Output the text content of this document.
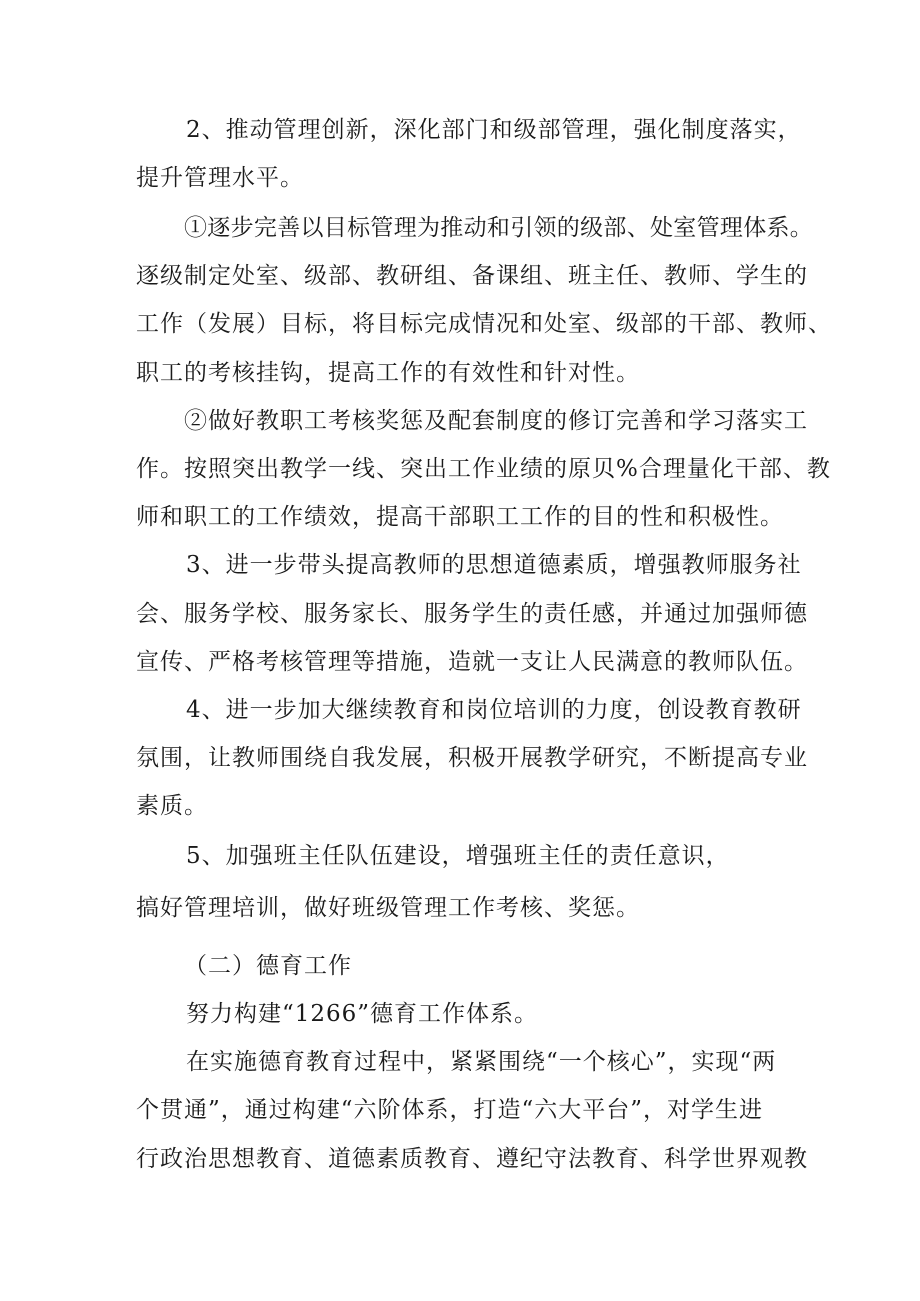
2、推动管理创新，深化部门和级部管理，强化制度落实，

提升管理水平。

①逐步完善以目标管理为推动和引领的级部、处室管理体系。

逐级制定处室、级部、教研组、备课组、班主任、教师、学生的

工作（发展）目标，将目标完成情况和处室、级部的干部、教师、

职工的考核挂钩，提高工作的有效性和针对性。

②做好教职工考核奖惩及配套制度的修订完善和学习落实工

作。按照突出教学一线、突出工作业绩的原贝%合理量化干部、教

师和职工的工作绩效，提高干部职工工作的目的性和积极性。

3、进一步带头提高教师的思想道德素质，增强教师服务社

会、服务学校、服务家长、服务学生的责任感，并通过加强师德

宣传、严格考核管理等措施，造就一支让人民满意的教师队伍。

4、进一步加大继续教育和岗位培训的力度，创设教育教研

氛围，让教师围绕自我发展，积极开展教学研究，不断提高专业

素质。

5、加强班主任队伍建设，增强班主任的责任意识，

搞好管理培训，做好班级管理工作考核、奖惩。

（二）德育工作

努力构建“1266”德育工作体系。

在实施德育教育过程中，紧紧围绕“一个核心”，实现“两

个贯通”，通过构建“六阶体系，打造“六大平台”，对学生进

行政治思想教育、道德素质教育、遵纪守法教育、科学世界观教
